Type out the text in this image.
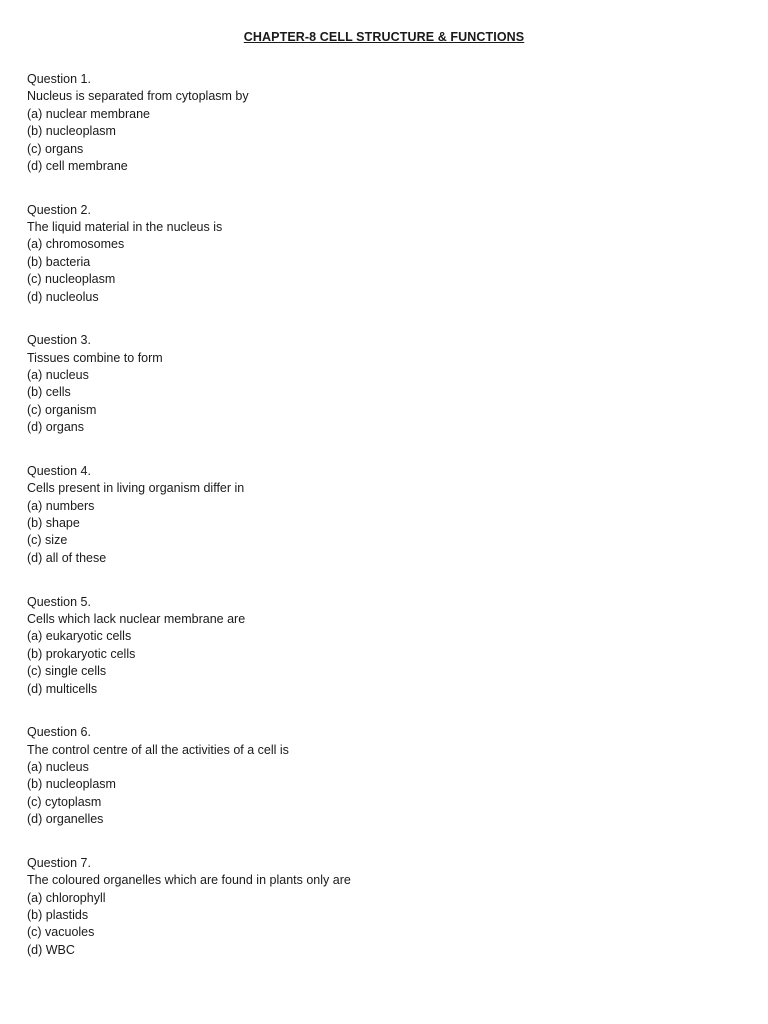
CHAPTER-8 CELL STRUCTURE & FUNCTIONS
Question 1.
Nucleus is separated from cytoplasm by
(a) nuclear membrane
(b) nucleoplasm
(c) organs
(d) cell membrane
Question 2.
The liquid material in the nucleus is
(a) chromosomes
(b) bacteria
(c) nucleoplasm
(d) nucleolus
Question 3.
Tissues combine to form
(a) nucleus
(b) cells
(c) organism
(d) organs
Question 4.
Cells present in living organism differ in
(a) numbers
(b) shape
(c) size
(d) all of these
Question 5.
Cells which lack nuclear membrane are
(a) eukaryotic cells
(b) prokaryotic cells
(c) single cells
(d) multicells
Question 6.
The control centre of all the activities of a cell is
(a) nucleus
(b) nucleoplasm
(c) cytoplasm
(d) organelles
Question 7.
The coloured organelles which are found in plants only are
(a) chlorophyll
(b) plastids
(c) vacuoles
(d) WBC
